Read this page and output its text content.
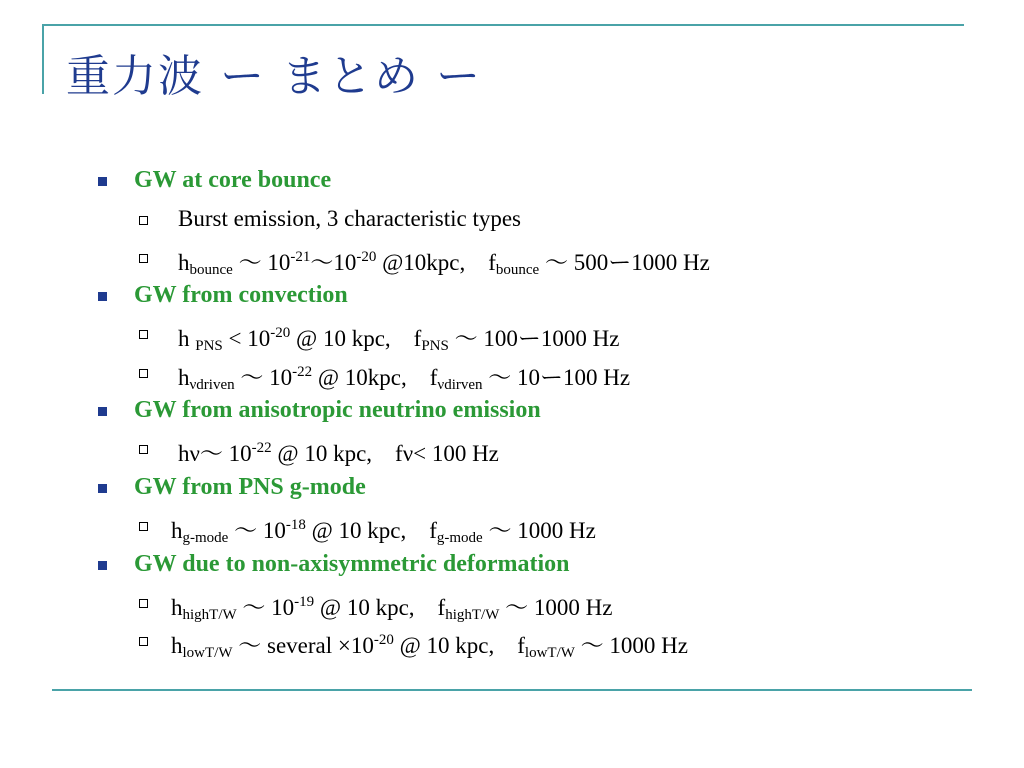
重力波 ー まとめ ー
GW at core bounce
Burst emission, 3 characteristic types
$h_{bounce}$ 〜 $10^{-21}$〜$10^{-20}$ @10kpc,　$f_{bounce}$ 〜 500ー1000 Hz
GW from convection
h $_{PNS} < 10^{-20}$ @ 10 kpc,　$f_{PNS}$ 〜 100ー1000 Hz
$h_{\nu driven}$ 〜 $10^{-22}$ @ 10kpc,　$f_{\nu dirven}$ 〜 10ー100 Hz
GW from anisotropic neutrino emission
hν〜 $10^{-22}$ @ 10 kpc,　fν< 100 Hz
GW from PNS g-mode
$h_{g-mode}$ 〜 $10^{-18}$ @ 10 kpc,　$f_{g-mode}$ 〜 1000 Hz
GW due to non-axisymmetric deformation
$h_{highT/W}$ 〜 $10^{-19}$ @ 10 kpc,　$f_{highT/W}$ 〜 1000 Hz
$h_{lowT/W}$ 〜 several $\times 10^{-20}$ @ 10 kpc,　$f_{lowT/W}$ 〜 1000 Hz
